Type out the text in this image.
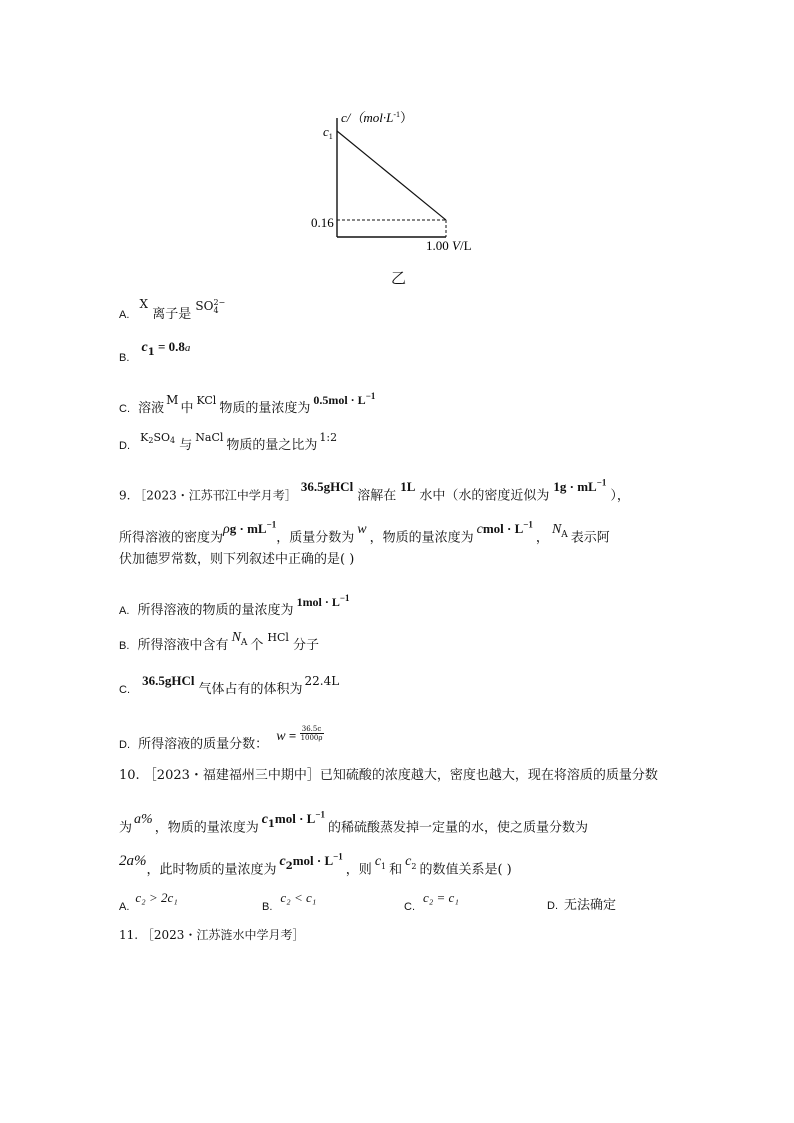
$c/(mol\cdot L^{-1})$
$c_1$
0.16
1.00 V/L
乙
A. X 离子是 SO 2−
4
B. $c_1 = 0.8a$
C. 溶液M中$^{KCl}$物质的量浓度为$0.5mol \cdot L^{-1}$
D. $^{K2SO4}$ 与$^{NaCl}$物质的量之比为$^{1:2}$
9. ［2023・江苏邗江中学月考］36.5gHCl溶解在1L水中（水的密度近似为$1g \cdot mL^{-1}$），
所得溶液的密度为$\rho g \cdot mL^{-1}$，质量分数为w，物质的量浓度为cmol · $L^{-1}$，$N_A$ 表示阿
伏加德罗常数，则下列叙述中正确的是( )
A. 所得溶液的物质的量浓度为$1mol \cdot L^{-1}$
B. 所得溶液中含有$N_A$ 个$^{HCl}$分子
C. 36.5gHCl气体占有的体积为22.4L
D. 所得溶液的质量分数： $w = \frac{36.5c}{1000\rho}$
10. ［2023・福建福州三中期中］已知硫酸的浓度越大，密度也越大，现在将溶质的质量分数
为a%，物质的量浓度为$c_1mol \cdot L^{-1}$的稀硫酸蒸发掉一定量的水，使之质量分数为
2a%，此时物质的量浓度为$c_2mol \cdot L^{-1}$，则$c_1$ 和$c_2$ 的数值关系是( )
A.c₂ > 2c₁
B.c₂ < c₁
C.c₂ = c₁
D. 无法确定
11. ［2023・江苏涟水中学月考］
